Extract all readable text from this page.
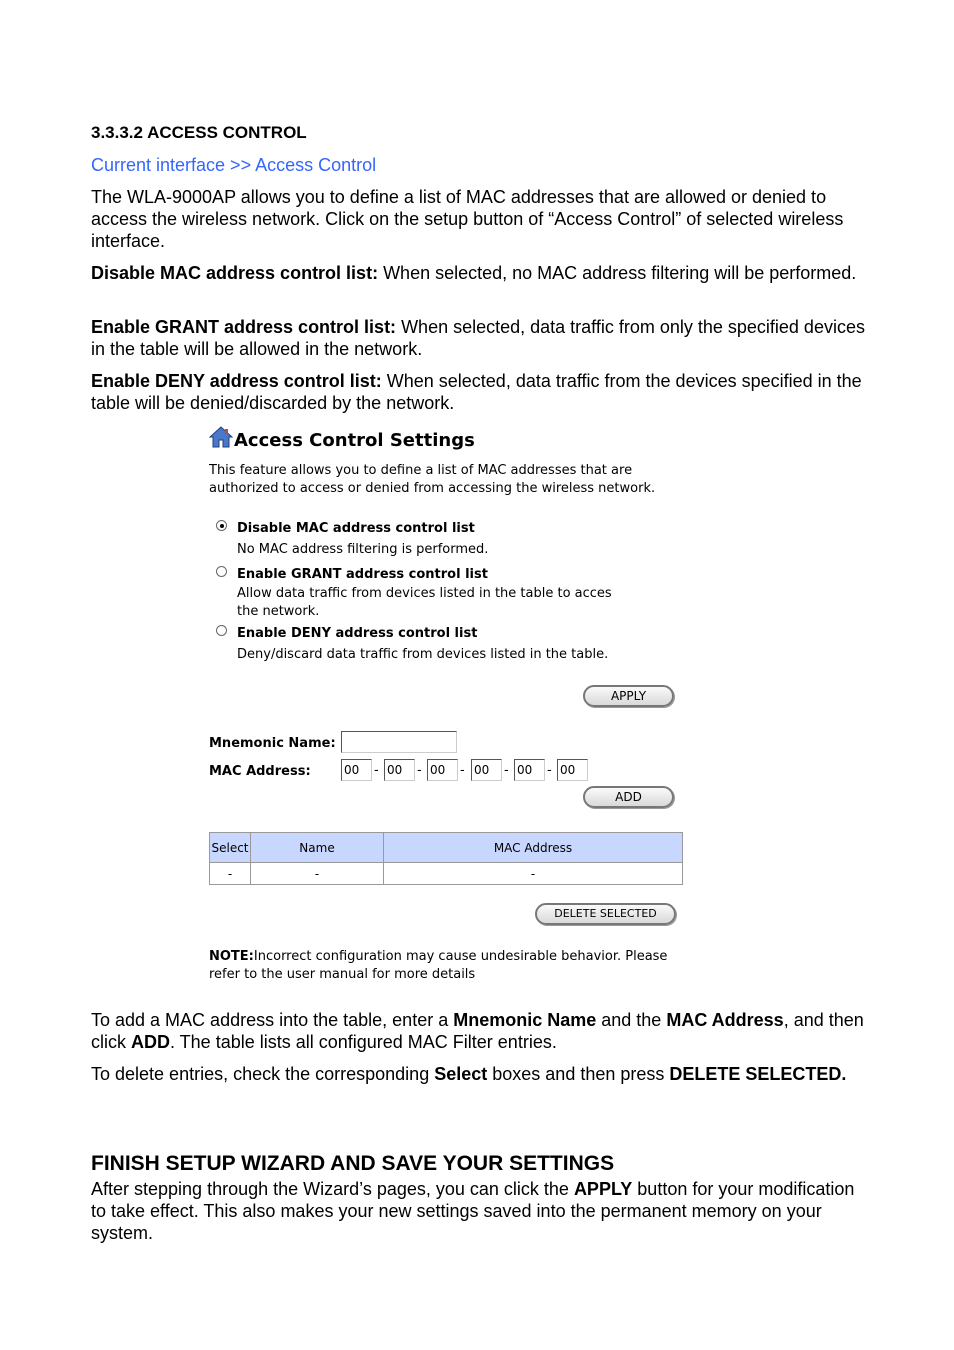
3.3.3.2 ACCESS CONTROL
Current interface >> Access Control

The WLA-9000AP allows you to define a list of MAC addresses that are allowed or denied to access the wireless network. Click on the setup button of “Access Control” of selected wireless interface.

Disable MAC address control list: When selected, no MAC address filtering will be performed.

Enable GRANT address control list: When selected, data traffic from only the specified devices in the table will be allowed in the network.

Enable DENY address control list: When selected, data traffic from the devices specified in the table will be denied/discarded by the network.

Access Control Settings
This feature allows you to define a list of MAC addresses that are authorized to access or denied from accessing the wireless network.
Disable MAC address control list
No MAC address filtering is performed.
Enable GRANT address control list
Allow data traffic from devices listed in the table to acces the network.
Enable DENY address control list
Deny/discard data traffic from devices listed in the table.
APPLY
Mnemonic Name:
MAC Address:
00	-
00	-
00	-
00	-
00	-
00
ADD
Select	Name	MAC Address
-	-	-
DELETE SELECTED
NOTE:Incorrect configuration may cause undesirable behavior. Please refer to the user manual for more details

To add a MAC address into the table, enter a Mnemonic Name and the MAC Address, and then click ADD. The table lists all configured MAC Filter entries.

To delete entries, check the corresponding Select boxes and then press DELETE SELECTED.

FINISH SETUP WIZARD AND SAVE YOUR SETTINGS

After stepping through the Wizard’s pages, you can click the APPLY button for your modification to take effect. This also makes your new settings saved into the permanent memory on your system.
